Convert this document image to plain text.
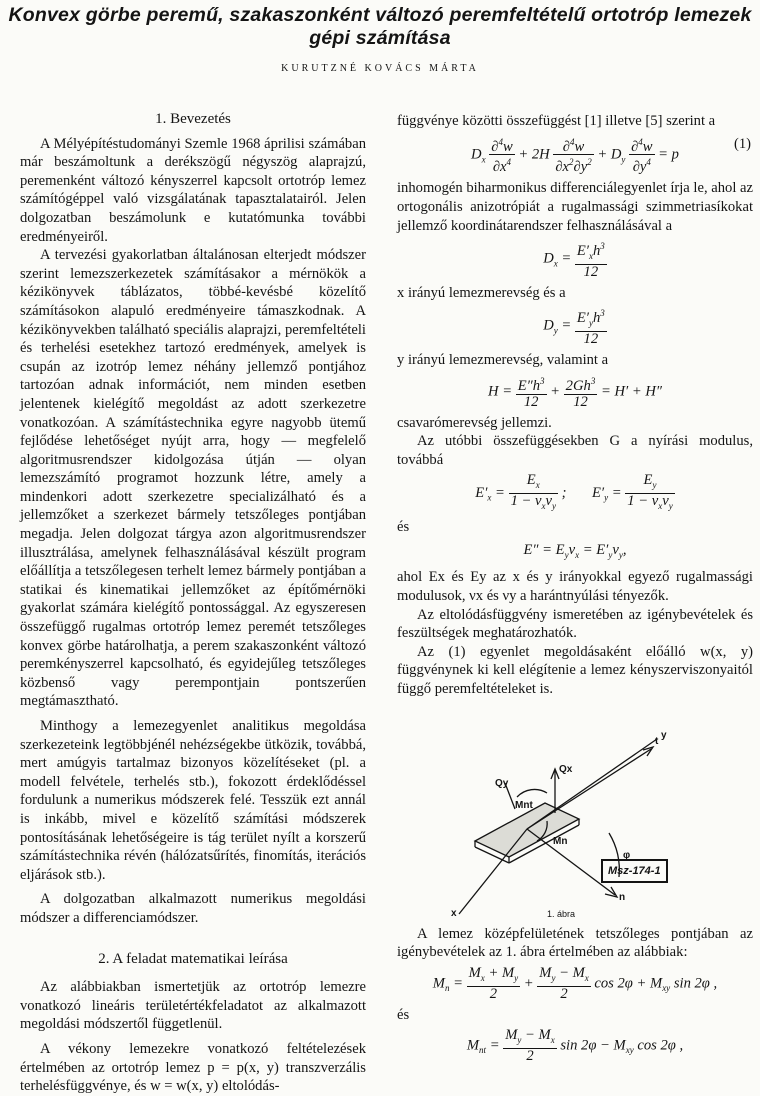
Konvex görbe peremű, szakaszonként változó peremfeltételű ortotróp lemezek gépi számítása
KURUTZNÉ KOVÁCS MÁRTA
1. Bevezetés

A Mélyépítéstudományi Szemle 1968 áprilisi számában már beszámoltunk a derékszögű négyszög alaprajzú, peremenként változó kényszerrel kapcsolt ortotróp lemez számítógéppel való vizsgálatának tapasztalatairól. Jelen dolgozatban beszámolunk e kutatómunka további eredményeiről.

A tervezési gyakorlatban általánosan elterjedt módszer szerint lemezszerkezetek számításakor a mérnökök a kézikönyvek táblázatos, többé-kevésbé közelítő számításokon alapuló eredményeire támaszkodnak. A kézikönyvekben található speciális alaprajzi, peremfeltételi és terhelési esetekhez tartozó eredmények, amelyek is csupán az izotróp lemez néhány jellemző pontjához tartozóan adnak információt, nem minden esetben jelentenek kielégítő megoldást az adott szerkezetre vonatkozóan. A számítástechnika egyre nagyobb ütemű fejlődése lehetőséget nyújt arra, hogy — megfelelő algoritmusrendszer kidolgozása útján — olyan lemezszámító programot hozzunk létre, amely a mindenkori adott szerkezetre specializálható és a jellemzőket a szerkezet bármely tetszőleges pontjában megadja. Jelen dolgozat tárgya azon algoritmusrendszer illusztrálása, amelynek felhasználásával készült program előállítja a tetszőlegesen terhelt lemez bármely pontjában a statikai és kinematikai jellemzőket az építőmérnöki gyakorlat számára kielégítő pontossággal. Az egyszeresen összefüggő rugalmas ortotróp lemez peremét tetszőleges konvex görbe határolhatja, a perem szakaszonként változó peremkényszerrel kapcsolható, és egyidejűleg tetszőleges közbenső vagy perempontjain pontszerűen megtámasztható.

Minthogy a lemezegyenlet analitikus megoldása szerkezeteink legtöbbjénél nehézségekbe ütközik, továbbá, mert amúgyis tartalmaz bizonyos közelítéseket (pl. a modell felvétele, terhelés stb.), fokozott érdeklődéssel fordulunk a numerikus módszerek felé. Tesszük ezt annál is inkább, mivel e közelítő számítási módszerek pontosításának lehetőségeire is tág terület nyílt a korszerű számítástechnika révén (hálózatsűrítés, finomítás, iterációs eljárások stb.).

A dolgozatban alkalmazott numerikus megoldási módszer a differenciamódszer.

2. A feladat matematikai leírása

Az alábbiakban ismertetjük az ortotróp lemezre vonatkozó lineáris területértékfeladatot az alkalmazott megoldási módszertől függetlenül.

A vékony lemezekre vonatkozó feltételezések értelmében az ortotróp lemez p = p(x, y) transzverzális terhelésfüggvénye, és w = w(x, y) eltolódás-

függvénye közötti összefüggést [1] illetve [5] szerint a

$D_x \frac{\partial^4w}{\partial x^4} + 2H \frac{\partial^4w}{\partial x^2\partial y^2} + D_y \frac{\partial^4w}{\partial y^4} = p$
(1)

inhomogén biharmonikus differenciálegyenlet írja le, ahol az ortogonális anizotrópiát a rugalmassági szimmetriasíkokat jellemző koordinátarendszer felhasználásával a

$D_x = \frac{E'_xh^3}{12}$

x irányú lemezmerevség és a

$D_y = \frac{E'_yh^3}{12}$

y irányú lemezmerevség, valamint a

$H = \frac{E''h^3}{12} + \frac{2Gh^3}{12} = H' + H''$

csavarómerevség jellemzi.

Az utóbbi összefüggésekben G a nyírási modulus, továbbá

$E'_x = \frac{E_x}{1 - \nu_x\nu_y}$ ;       $E'_y = \frac{E_y}{1 - \nu_x\nu_y}$

és

$E'' = E_y\nu_x = E'_y\nu_y$,

ahol Ex és Ey az x és y irányokkal egyező rugalmassági modulusok, νx és νy a harántnyúlási tényezők.

Az eltolódásfüggvény ismeretében az igénybevételek és feszültségek meghatározhatók.

Az (1) egyenlet megoldásaként előálló w(x, y) függvénynek ki kell elégítenie a lemez kényszerviszonyaitól függő peremfeltételeket is.

Qx
Qy
Mnt
Mn
t
n
x
y
φ
Msz-174-1
1. ábra

A lemez középfelületének tetszőleges pontjában az igénybevételek az 1. ábra értelmében az alábbiak:

$M_n = \frac{M_x + M_y}{2} + \frac{M_y - M_x}{2}$ $\cos 2\varphi + M_{xy}$ sin 2φ ,

és

$M_{nt} = \frac{M_y - M_x}{2}$ $\sin 2\varphi - M_{xy}$ cos 2φ ,
